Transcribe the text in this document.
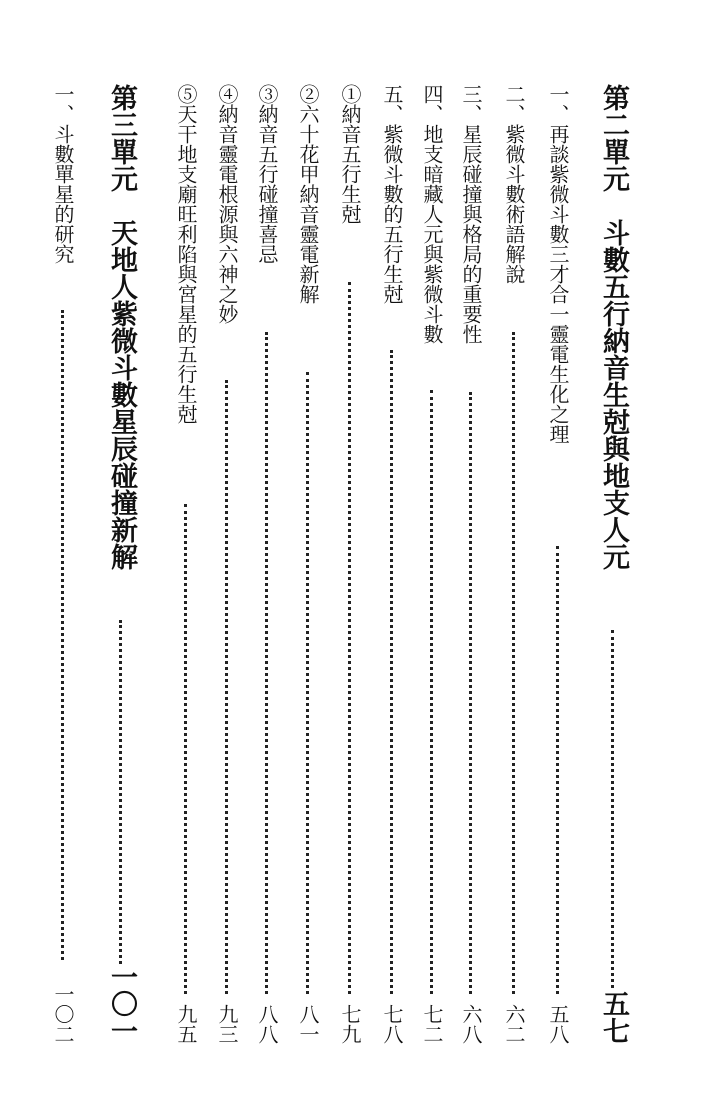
第二單元　斗數五行納音生尅與地支人元
五七
一、再談紫微斗數三才合一靈電生化之理
五八
二、紫微斗數術語解說
六二
三、星辰碰撞與格局的重要性
六八
四、地支暗藏人元與紫微斗數
七二
五、紫微斗數的五行生尅
七八
①納音五行生尅
七九
②六十花甲納音靈電新解
八一
③納音五行碰撞喜忌
八八
④納音靈電根源與六神之妙
九三
⑤天干地支廟旺利陷與宮星的五行生尅
九五
第三單元　天地人紫微斗數星辰碰撞新解
一〇一
一、斗數單星的研究
一〇二
